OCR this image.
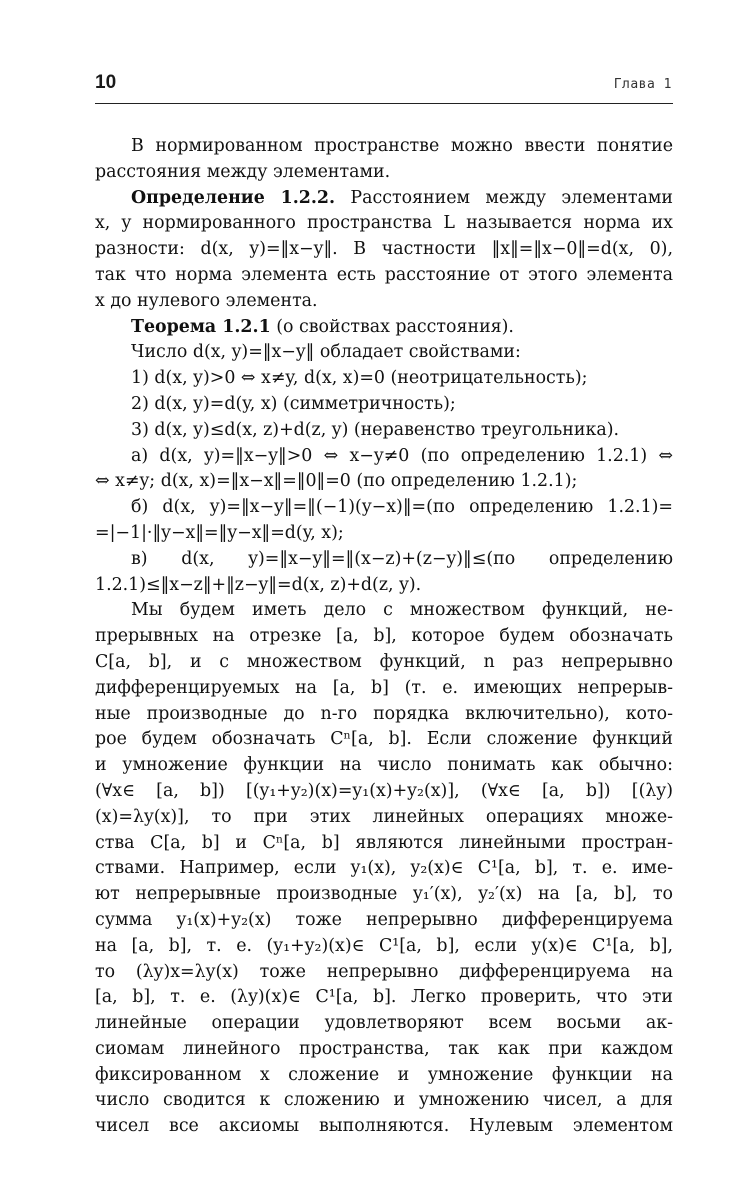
10	Глава 1
В нормированном пространстве можно ввести понятие
расстояния между элементами.
Определение 1.2.2. Расстоянием между элементами
x, y нормированного пространства L называется норма их
разности: d(x, y)=‖x−y‖. В частности ‖x‖=‖x−0‖=d(x, 0),
так что норма элемента есть расстояние от этого элемента
x до нулевого элемента.
Теорема 1.2.1 (о свойствах расстояния).
Число d(x, y)=‖x−y‖ обладает свойствами:
1) d(x, y)>0 ⇔ x≠y, d(x, x)=0 (неотрицательность);
2) d(x, y)=d(y, x) (симметричность);
3) d(x, y)≤d(x, z)+d(z, y) (неравенство треугольника).
а) d(x, y)=‖x−y‖>0 ⇔ x−y≠0 (по определению 1.2.1) ⇔
⇔ x≠y; d(x, x)=‖x−x‖=‖0‖=0 (по определению 1.2.1);
б) d(x, y)=‖x−y‖=‖(−1)(y−x)‖=(по определению 1.2.1)=
=|−1|·‖y−x‖=‖y−x‖=d(y, x);
в) d(x, y)=‖x−y‖=‖(x−z)+(z−y)‖≤(по определению
1.2.1)≤‖x−z‖+‖z−y‖=d(x, z)+d(z, y).
Мы будем иметь дело с множеством функций, не-
прерывных на отрезке [a, b], которое будем обозначать
C[a, b], и с множеством функций, n раз непрерывно
дифференцируемых на [a, b] (т. е. имеющих непрерыв-
ные производные до n-го порядка включительно), кото-
рое будем обозначать Cⁿ[a, b]. Если сложение функций
и умножение функции на число понимать как обычно:
(∀x∈ [a, b]) [(y₁+y₂)(x)=y₁(x)+y₂(x)], (∀x∈ [a, b]) [(λy)
(x)=λy(x)], то при этих линейных операциях множе-
ства C[a, b] и Cⁿ[a, b] являются линейными простран-
ствами. Например, если y₁(x), y₂(x)∈ C¹[a, b], т. е. име-
ют непрерывные производные y₁′(x), y₂′(x) на [a, b], то
сумма y₁(x)+y₂(x) тоже непрерывно дифференцируема
на [a, b], т. е. (y₁+y₂)(x)∈ C¹[a, b], если y(x)∈ C¹[a, b],
то (λy)x=λy(x) тоже непрерывно дифференцируема на
[a, b], т. е. (λy)(x)∈ C¹[a, b]. Легко проверить, что эти
линейные операции удовлетворяют всем восьми ак-
сиомам линейного пространства, так как при каждом
фиксированном x сложение и умножение функции на
число сводится к сложению и умножению чисел, а для
чисел все аксиомы выполняются. Нулевым элементом
